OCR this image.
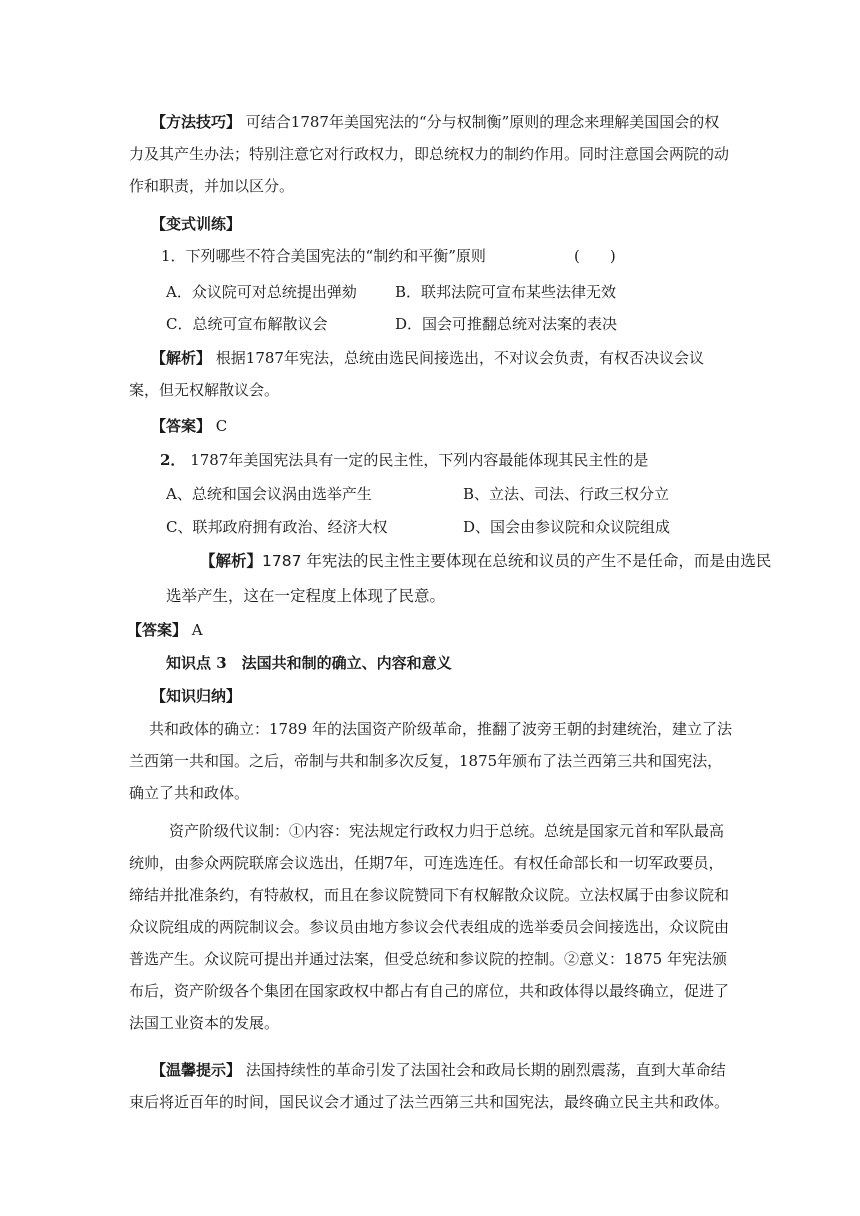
【方法技巧】 可结合1787年美国宪法的“分与权制衡”原则的理念来理解美国国会的权力及其产生办法；特别注意它对行政权力，即总统权力的制约作用。同时注意国会两院的动作和职责，并加以区分。

【变式训练】

1．下列哪些不符合美国宪法的“制约和平衡”原则	(　　)
A．众议院可对总统提出弹劾	B．联邦法院可宣布某些法律无效
C．总统可宣布解散议会	D．国会可推翻总统对法案的表决

【解析】 根据1787年宪法，总统由选民间接选出，不对议会负责，有权否决议会议案，但无权解散议会。

【答案】 C
2． 1787年美国宪法具有一定的民主性，下列内容最能体现其民主性的是
A、总统和国会议涡由选举产生	B、立法、司法、行政三权分立
C、联邦政府拥有政治、经济大权	D、国会由参议院和众议院组成

【解析】1787 年宪法的民主性主要体现在总统和议员的产生不是任命，而是由选民选举产生，这在一定程度上体现了民意。

【答案】 A
知识点 3　法国共和制的确立、内容和意义
【知识归纳】

共和政体的确立：1789 年的法国资产阶级革命，推翻了波旁王朝的封建统治，建立了法兰西第一共和国。之后，帝制与共和制多次反复，1875年颁布了法兰西第三共和国宪法，确立了共和政体。

资产阶级代议制：①内容：宪法规定行政权力归于总统。总统是国家元首和军队最高统帅，由参众两院联席会议选出，任期7年，可连选连任。有权任命部长和一切军政要员，缔结并批准条约，有特赦权，而且在参议院赞同下有权解散众议院。立法权属于由参议院和众议院组成的两院制议会。参议员由地方参议会代表组成的选举委员会间接选出，众议院由普选产生。众议院可提出并通过法案，但受总统和参议院的控制。②意义：1875 年宪法颁布后，资产阶级各个集团在国家政权中都占有自己的席位，共和政体得以最终确立，促进了法国工业资本的发展。

【温馨提示】 法国持续性的革命引发了法国社会和政局长期的剧烈震荡，直到大革命结束后将近百年的时间，国民议会才通过了法兰西第三共和国宪法，最终确立民主共和政体。
